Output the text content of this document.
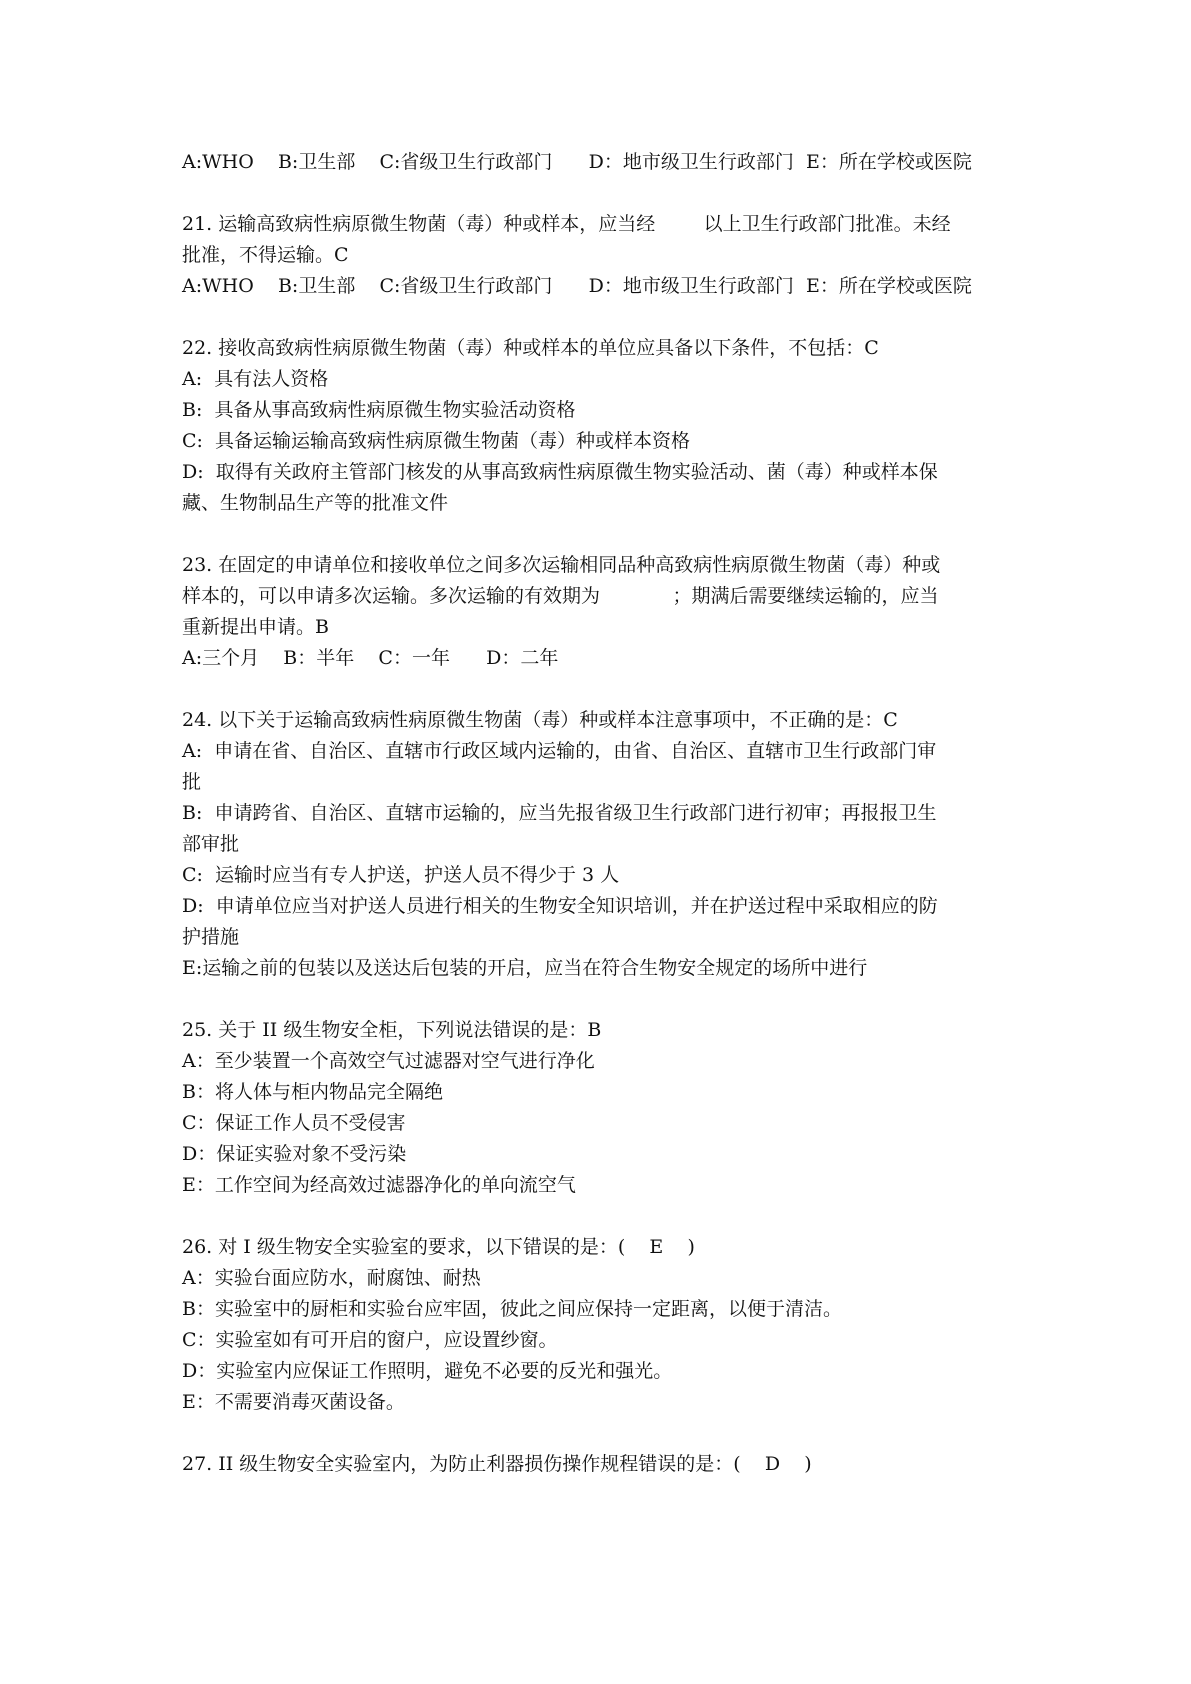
A:WHO    B:卫生部    C:省级卫生行政部门      D：地市级卫生行政部门  E：所在学校或医院
21. 运输高致病性病原微生物菌（毒）种或样本，应当经        以上卫生行政部门批准。未经
批准，不得运输。C
A:WHO    B:卫生部    C:省级卫生行政部门      D：地市级卫生行政部门  E：所在学校或医院
22. 接收高致病性病原微生物菌（毒）种或样本的单位应具备以下条件，不包括：C
A:  具有法人资格
B:  具备从事高致病性病原微生物实验活动资格
C:  具备运输运输高致病性病原微生物菌（毒）种或样本资格
D:  取得有关政府主管部门核发的从事高致病性病原微生物实验活动、菌（毒）种或样本保
藏、生物制品生产等的批准文件
23. 在固定的申请单位和接收单位之间多次运输相同品种高致病性病原微生物菌（毒）种或
样本的，可以申请多次运输。多次运输的有效期为            ；期满后需要继续运输的，应当
重新提出申请。B
A:三个月    B：半年    C：一年      D：二年
24. 以下关于运输高致病性病原微生物菌（毒）种或样本注意事项中，不正确的是：C
A:  申请在省、自治区、直辖市行政区域内运输的，由省、自治区、直辖市卫生行政部门审
批
B:  申请跨省、自治区、直辖市运输的，应当先报省级卫生行政部门进行初审；再报报卫生
部审批
C:  运输时应当有专人护送，护送人员不得少于 3 人
D:  申请单位应当对护送人员进行相关的生物安全知识培训，并在护送过程中采取相应的防
护措施
E:运输之前的包装以及送达后包装的开启，应当在符合生物安全规定的场所中进行
25. 关于 II 级生物安全柜，下列说法错误的是：B
A：至少装置一个高效空气过滤器对空气进行净化
B：将人体与柜内物品完全隔绝
C：保证工作人员不受侵害
D：保证实验对象不受污染
E：工作空间为经高效过滤器净化的单向流空气
26. 对 I 级生物安全实验室的要求，以下错误的是：(    E    )
A：实验台面应防水，耐腐蚀、耐热
B：实验室中的厨柜和实验台应牢固，彼此之间应保持一定距离，以便于清洁。
C：实验室如有可开启的窗户，应设置纱窗。
D：实验室内应保证工作照明，避免不必要的反光和强光。
E：不需要消毒灭菌设备。
27. II 级生物安全实验室内，为防止利器损伤操作规程错误的是：(    D    )
